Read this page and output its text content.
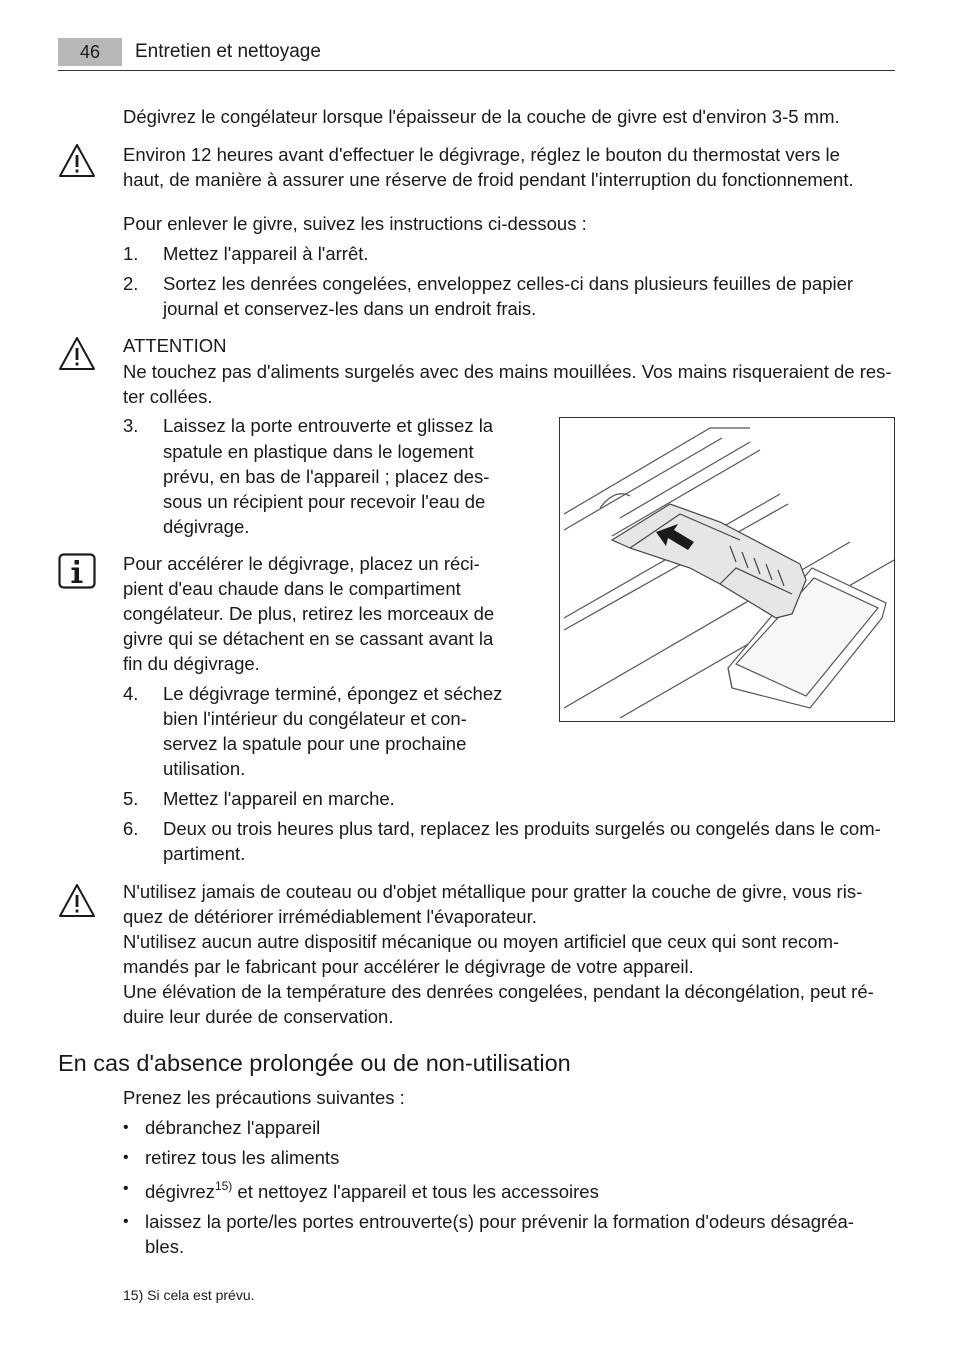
46	Entretien et nettoyage
Dégivrez le congélateur lorsque l'épaisseur de la couche de givre est d'environ 3-5 mm.
Environ 12 heures avant d'effectuer le dégivrage, réglez le bouton du thermostat vers le
haut, de manière à assurer une réserve de froid pendant l'interruption du fonctionnement.
Pour enlever le givre, suivez les instructions ci-dessous :
1.	Mettez l'appareil à l'arrêt.
2.	Sortez les denrées congelées, enveloppez celles-ci dans plusieurs feuilles de papier
journal et conservez-les dans un endroit frais.
ATTENTION
Ne touchez pas d'aliments surgelés avec des mains mouillées. Vos mains risqueraient de res-
ter collées.
3.	Laissez la porte entrouverte et glissez la
spatule en plastique dans le logement
prévu, en bas de l'appareil ; placez des-
sous un récipient pour recevoir l'eau de
dégivrage.
Pour accélérer le dégivrage, placez un réci-
pient d'eau chaude dans le compartiment
congélateur. De plus, retirez les morceaux de
givre qui se détachent en se cassant avant la
fin du dégivrage.
4.	Le dégivrage terminé, épongez et séchez
bien l'intérieur du congélateur et con-
servez la spatule pour une prochaine
utilisation.
5.	Mettez l'appareil en marche.
6.	Deux ou trois heures plus tard, replacez les produits surgelés ou congelés dans le com-
partiment.
N'utilisez jamais de couteau ou d'objet métallique pour gratter la couche de givre, vous ris-
quez de détériorer irrémédiablement l'évaporateur.
N'utilisez aucun autre dispositif mécanique ou moyen artificiel que ceux qui sont recom-
mandés par le fabricant pour accélérer le dégivrage de votre appareil.
Une élévation de la température des denrées congelées, pendant la décongélation, peut ré-
duire leur durée de conservation.
En cas d'absence prolongée ou de non-utilisation
Prenez les précautions suivantes :
• débranchez l'appareil
• retirez tous les aliments
• dégivrez$^{15)}$ et nettoyez l'appareil et tous les accessoires
• laissez la porte/les portes entrouverte(s) pour prévenir la formation d'odeurs désagréa-
bles.
15) Si cela est prévu.
